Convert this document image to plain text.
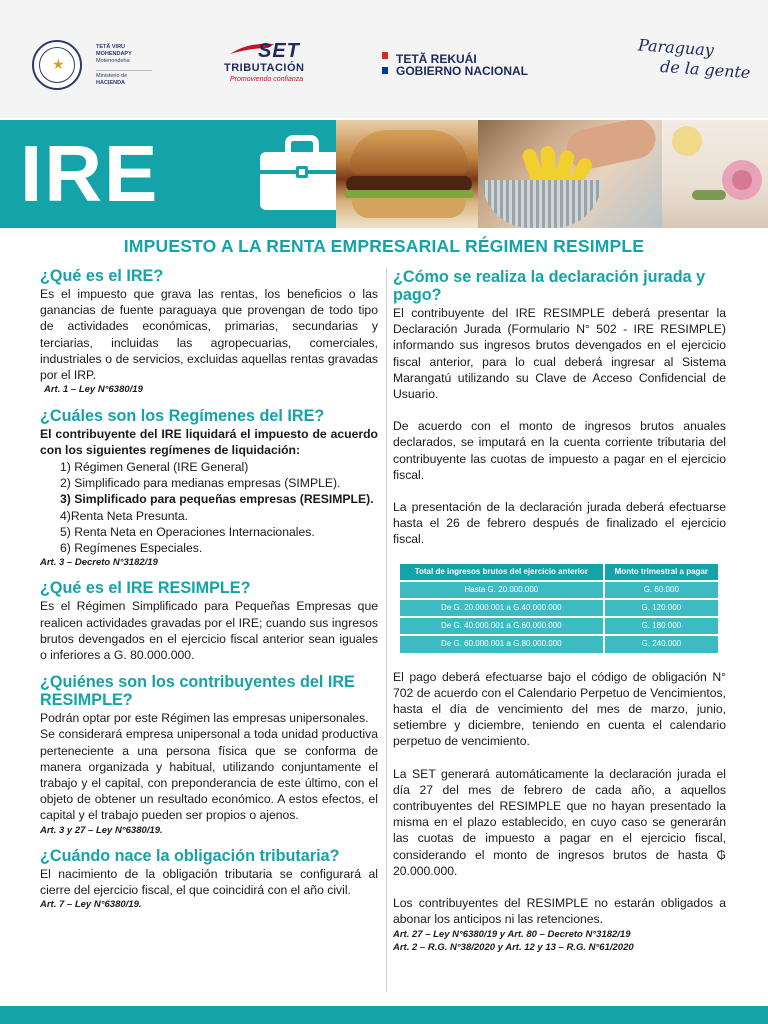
★
TETÃ VIRU MOHENDAPY
Motenondeha
Ministerio de
HACIENDA
SET
TRIBUTACIÓN
Promoviendo confianza
TETÃ REKUÁI
GOBIERNO NACIONAL
Paraguay
de la gente
IRE
IMPUESTO A LA RENTA EMPRESARIAL RÉGIMEN RESIMPLE
¿Qué es el IRE?

Es el impuesto que grava las rentas, los beneficios o las ganancias de fuente paraguaya que provengan de todo tipo de actividades económicas, primarias, secundarias y terciarias, incluidas las agropecuarias, comerciales, industriales o de servicios, excluidas aquellas rentas gravadas por el IRP.

Art. 1 – Ley N°6380/19
¿Cuáles son los Regímenes del IRE?

El contribuyente del IRE liquidará el impuesto de acuerdo con los siguientes regímenes de liquidación:

1) Régimen General (IRE General)
2) Simplificado para medianas empresas (SIMPLE).
3) Simplificado para pequeñas empresas (RESIMPLE).
4)Renta Neta Presunta.
5) Renta Neta en Operaciones Internacionales.
6) Regímenes Especiales.
Art. 3 – Decreto N°3182/19
¿Qué es el IRE RESIMPLE?

Es el Régimen Simplificado para Pequeñas Empresas que realicen actividades gravadas por el IRE; cuando sus ingresos brutos devengados en el ejercicio fiscal anterior sean iguales o inferiores a G. 80.000.000.

¿Quiénes son los contribuyentes del IRE RESIMPLE?

Podrán optar por este Régimen las empresas unipersonales.

Se considerará empresa unipersonal a toda unidad productiva perteneciente a una persona física que se conforma de manera organizada y habitual, utilizando conjuntamente el trabajo y el capital, con preponderancia de este último, con el objeto de obtener un resultado económico. A estos efectos, el capital y el trabajo pueden ser propios o ajenos.

Art. 3 y 27 – Ley N°6380/19.
¿Cuándo nace la obligación tributaria?

El nacimiento de la obligación tributaria se configurará al cierre del ejercicio fiscal, el que coincidirá con el año civil.

Art. 7 – Ley N°6380/19.
¿Cómo se realiza la declaración jurada y pago?

El contribuyente del IRE RESIMPLE deberá presentar la Declaración Jurada (Formulario N° 502 - IRE RESIMPLE) informando sus ingresos brutos devengados en el ejercicio fiscal anterior, para lo cual deberá ingresar al Sistema Marangatú utilizando su Clave de Acceso Confidencial de Usuario.

De acuerdo con el monto de ingresos brutos anuales declarados, se imputará en la cuenta corriente tributaria del contribuyente las cuotas de impuesto a pagar en el ejercicio fiscal.

La presentación de la declaración jurada deberá efectuarse hasta el 26 de febrero después de finalizado el ejercicio fiscal.

Total de ingresos brutos del ejercicio anterior	Monto trimestral a pagar
Hasta G. 20.000.000	G. 60.000
De G. 20.000.001 a G.40.000.000	G. 120.000
De G. 40.000.001 a G.60.000.000	G. 180.000
De G. 60.000.001 a G.80.000.000	G. 240.000

El pago deberá efectuarse bajo el código de obligación N° 702 de acuerdo con el Calendario Perpetuo de Vencimientos, hasta el día de vencimiento del mes de marzo, junio, setiembre y diciembre, teniendo en cuenta el calendario perpetuo de vencimiento.

La SET generará automáticamente la declaración jurada el día 27 del mes de febrero de cada año, a aquellos contribuyentes del RESIMPLE que no hayan presentado la misma en el plazo establecido, en cuyo caso se generarán las cuotas de impuesto a pagar en el ejercicio fiscal, considerando el monto de ingresos brutos de hasta ₲ 20.000.000.

Los contribuyentes del RESIMPLE no estarán obligados a abonar los anticipos ni las retenciones.

Art. 27 – Ley N°6380/19 y Art. 80 – Decreto N°3182/19
Art. 2 – R.G. N°38/2020 y Art. 12 y 13 – R.G. N°61/2020
